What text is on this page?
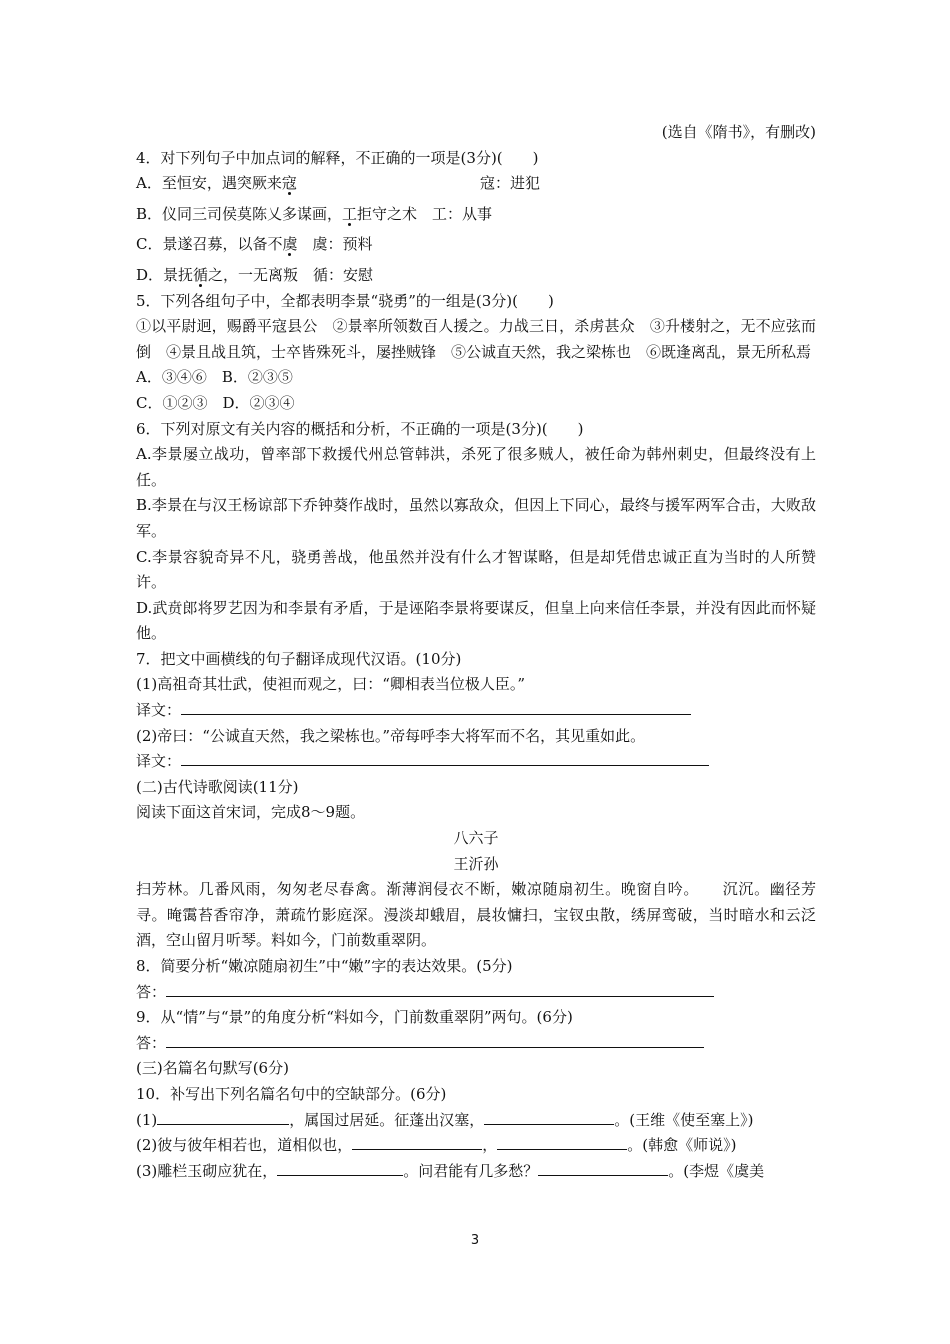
(选自《隋书》，有删改)
4．对下列句子中加点词的解释，不正确的一项是(3分)(　　)
A．至恒安，遇突厥来寇	寇：进犯
B．仪同三司侯莫陈乂多谋画，工拒守之术　工：从事
C．景遂召募，以备不虞　虞：预料
D．景抚循之，一无离叛　循：安慰
5．下列各组句子中，全都表明李景“骁勇”的一组是(3分)(　　)
①以平尉迥，赐爵平寇县公　②景率所领数百人援之。力战三日，杀虏甚众　③升楼射之，无不应弦而倒　④景且战且筑，士卒皆殊死斗，屡挫贼锋　⑤公诚直天然，我之梁栋也　⑥既逢离乱，景无所私焉
A．③④⑥　B．②③⑤
C．①②③　D．②③④
6．下列对原文有关内容的概括和分析，不正确的一项是(3分)(　　)
A.李景屡立战功，曾率部下救援代州总管韩洪，杀死了很多贼人，被任命为韩州刺史，但最终没有上任。
B.李景在与汉王杨谅部下乔钟葵作战时，虽然以寡敌众，但因上下同心，最终与援军两军合击，大败敌军。
C.李景容貌奇异不凡，骁勇善战，他虽然并没有什么才智谋略，但是却凭借忠诚正直为当时的人所赞许。
D.武贲郎将罗艺因为和李景有矛盾，于是诬陷李景将要谋反，但皇上向来信任李景，并没有因此而怀疑他。
7．把文中画横线的句子翻译成现代汉语。(10分)
(1)高祖奇其壮武，使袒而观之，曰：“卿相表当位极人臣。”
译文：
(2)帝曰：“公诚直天然，我之梁栋也。”帝每呼李大将军而不名，其见重如此。
译文：
(二)古代诗歌阅读(11分)
阅读下面这首宋词，完成8～9题。
八六子
王沂孙
扫芳林。几番风雨，匆匆老尽春禽。渐薄润侵衣不断，嫩凉随扇初生。晚窗自吟。　　沉沉。幽径芳寻。晻霭苔香帘净，萧疏竹影庭深。漫淡却蛾眉，晨妆慵扫，宝钗虫散，绣屏鸾破，当时暗水和云泛酒，空山留月听琴。料如今，门前数重翠阴。
8．简要分析“嫩凉随扇初生”中“嫩”字的表达效果。(5分)
答：
9．从“情”与“景”的角度分析“料如今，门前数重翠阴”两句。(6分)
答：
(三)名篇名句默写(6分)
10．补写出下列名篇名句中的空缺部分。(6分)
(1)	，属国过居延。征蓬出汉塞，	。(王维《使至塞上》)
(2)彼与彼年相若也，道相似也，	，	。(韩愈《师说》)
(3)雕栏玉砌应犹在，	。问君能有几多愁？	。(李煜《虞美
3
